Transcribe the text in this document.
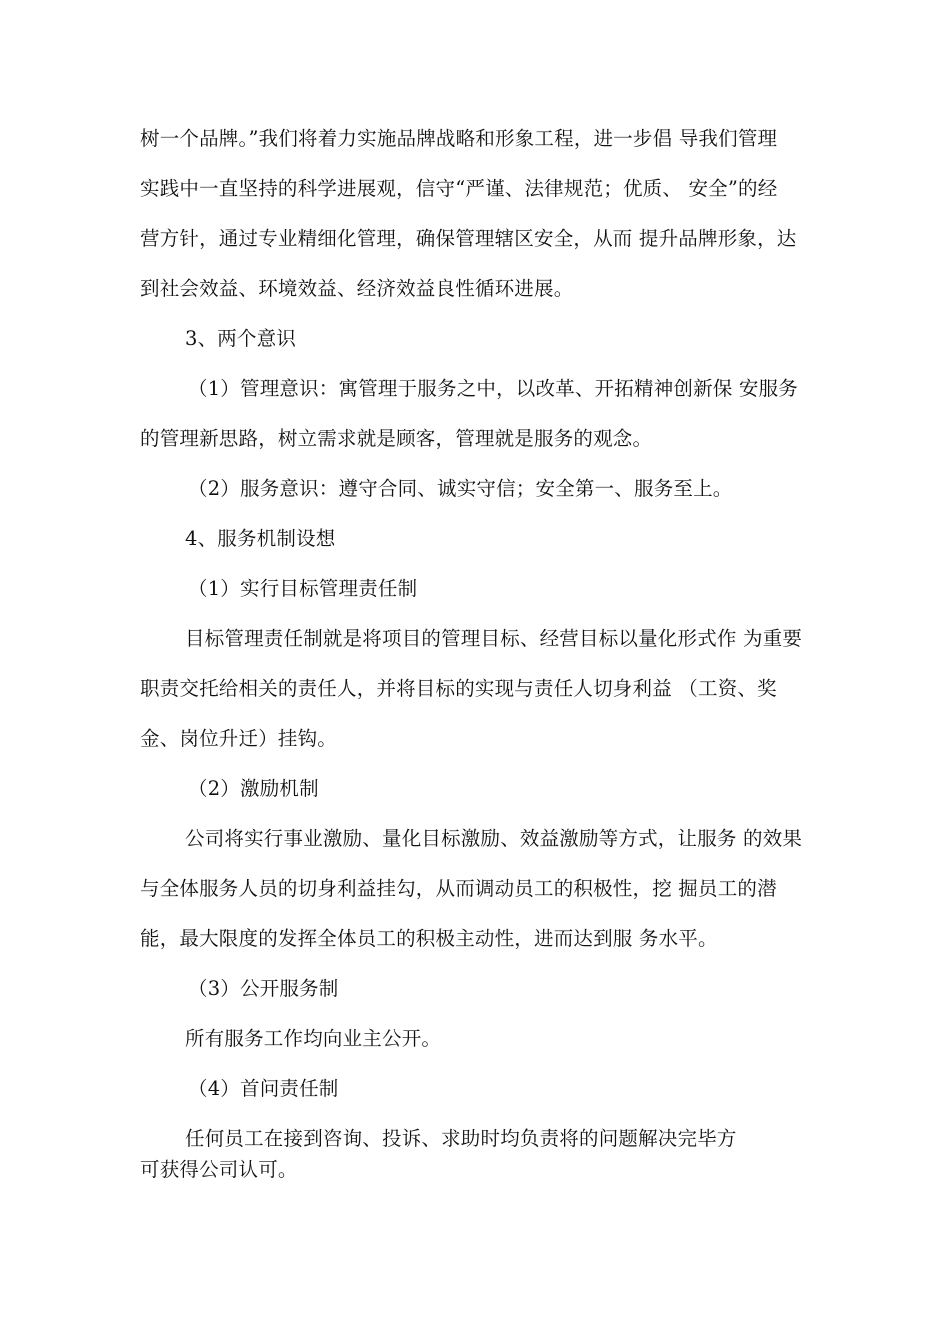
树一个品牌。”我们将着力实施品牌战略和形象工程，进一步倡 导我们管理
实践中一直坚持的科学进展观，信守“严谨、法律规范；优质、 安全”的经
营方针，通过专业精细化管理，确保管理辖区安全，从而 提升品牌形象，达
到社会效益、环境效益、经济效益良性循环进展。
3、两个意识
（1）管理意识：寓管理于服务之中，以改革、开拓精神创新保 安服务
的管理新思路，树立需求就是顾客，管理就是服务的观念。
（2）服务意识：遵守合同、诚实守信；安全第一、服务至上。
4、服务机制设想
（1）实行目标管理责任制
目标管理责任制就是将项目的管理目标、经营目标以量化形式作 为重要
职责交托给相关的责任人，并将目标的实现与责任人切身利益 （工资、奖
金、岗位升迁）挂钩。
（2）激励机制
公司将实行事业激励、量化目标激励、效益激励等方式，让服务 的效果
与全体服务人员的切身利益挂勾，从而调动员工的积极性，挖 掘员工的潜
能，最大限度的发挥全体员工的积极主动性，进而达到服 务水平。
（3）公开服务制
所有服务工作均向业主公开。
（4）首问责任制
任何员工在接到咨询、投诉、求助时均负责将的问题解决完毕方
可获得公司认可。
